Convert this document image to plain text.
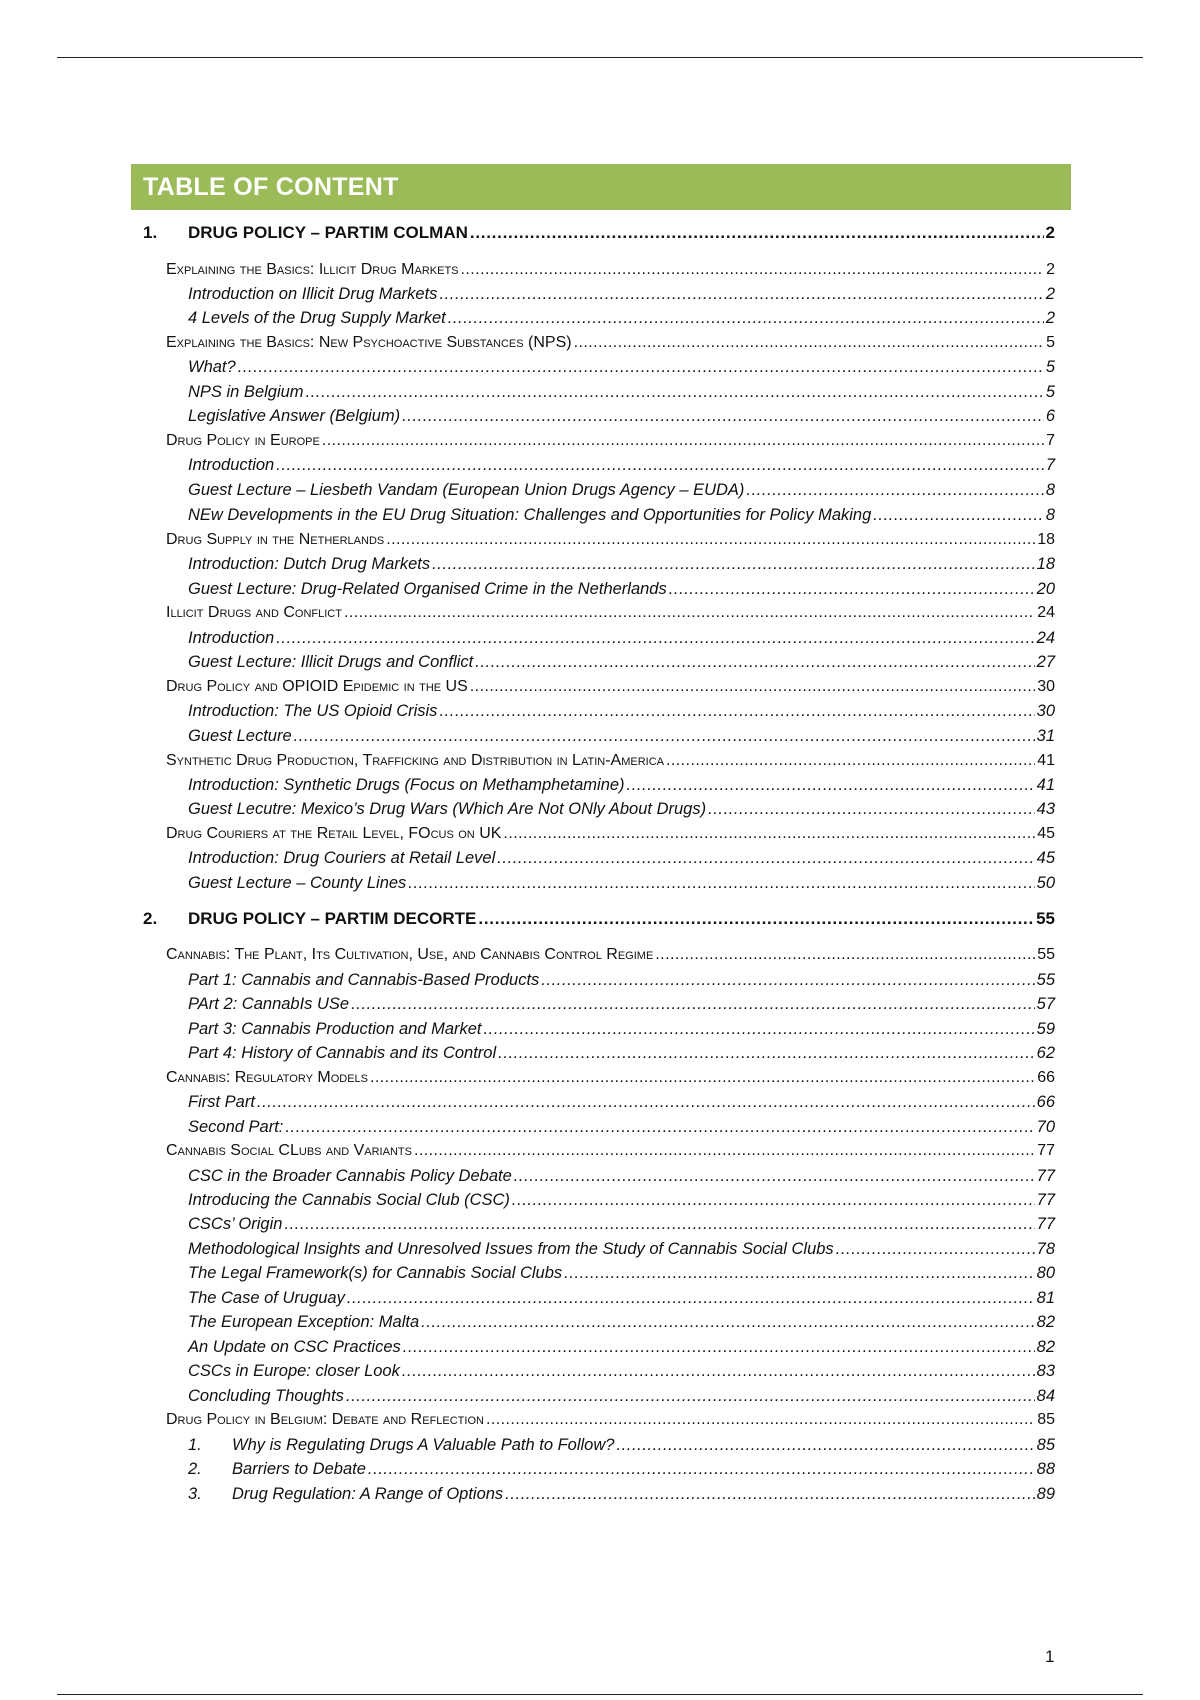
TABLE OF CONTENT
1.	DRUG POLICY – PARTIM COLMAN . . .	2
Explaining the Basics: Illicit Drug Markets . . .	2
Introduction on Illicit Drug Markets . . .	2
4 Levels of the Drug Supply Market . . .	2
Explaining the Basics: New Psychoactive Substances (NPS) . . .	5
What? . . .	5
NPS in Belgium . . .	5
Legislative Answer (Belgium) . . .	6
Drug Policy in Europe . . .	7
Introduction . . .	7
Guest Lecture – Liesbeth Vandam (European Union Drugs Agency – EUDA) . . .	8
NEw Developments in the EU Drug Situation: Challenges and Opportunities for Policy Making . . .	8
Drug Supply in the Netherlands . . .	18
Introduction: Dutch Drug Markets . . .	18
Guest Lecture: Drug-Related Organised Crime in the Netherlands . . .	20
Illicit Drugs and Conflict . . .	24
Introduction . . .	24
Guest Lecture: Illicit Drugs and Conflict . . .	27
Drug Policy and OPIOID Epidemic in the US . . .	30
Introduction: The US Opioid Crisis . . .	30
Guest Lecture . . .	31
Synthetic Drug Production, Trafficking and Distribution in Latin-America . . .	41
Introduction: Synthetic Drugs (Focus on Methamphetamine) . . .	41
Guest Lecutre: Mexico’s Drug Wars (Which Are Not ONly About Drugs) . . .	43
Drug Couriers at the Retail Level, FOcus on UK . . .	45
Introduction: Drug Couriers at Retail Level . . .	45
Guest Lecture – County Lines . . .	50
2.	DRUG POLICY – PARTIM DECORTE . . .	55
Cannabis: The Plant, Its Cultivation, Use, and Cannabis Control Regime . . .	55
Part 1: Cannabis and Cannabis-Based Products . . .	55
PArt 2: CannabIs USe . . .	57
Part 3: Cannabis Production and Market . . .	59
Part 4: History of Cannabis and its Control . . .	62
Cannabis: Regulatory Models . . .	66
First Part . . .	66
Second Part: . . .	70
Cannabis Social CLubs and Variants . . .	77
CSC in the Broader Cannabis Policy Debate . . .	77
Introducing the Cannabis Social Club (CSC) . . .	77
CSCs’ Origin . . .	77
Methodological Insights and Unresolved Issues from the Study of Cannabis Social Clubs . . .	78
The Legal Framework(s) for Cannabis Social Clubs . . .	80
The Case of Uruguay . . .	81
The European Exception: Malta . . .	82
An Update on CSC Practices . . .	82
CSCs in Europe: closer Look . . .	83
Concluding Thoughts . . .	84
Drug Policy in Belgium: Debate and Reflection . . .	85
1.	Why is Regulating Drugs A Valuable Path to Follow? . . .	85
2.	Barriers to Debate . . .	88
3.	Drug Regulation: A Range of Options . . .	89
1
